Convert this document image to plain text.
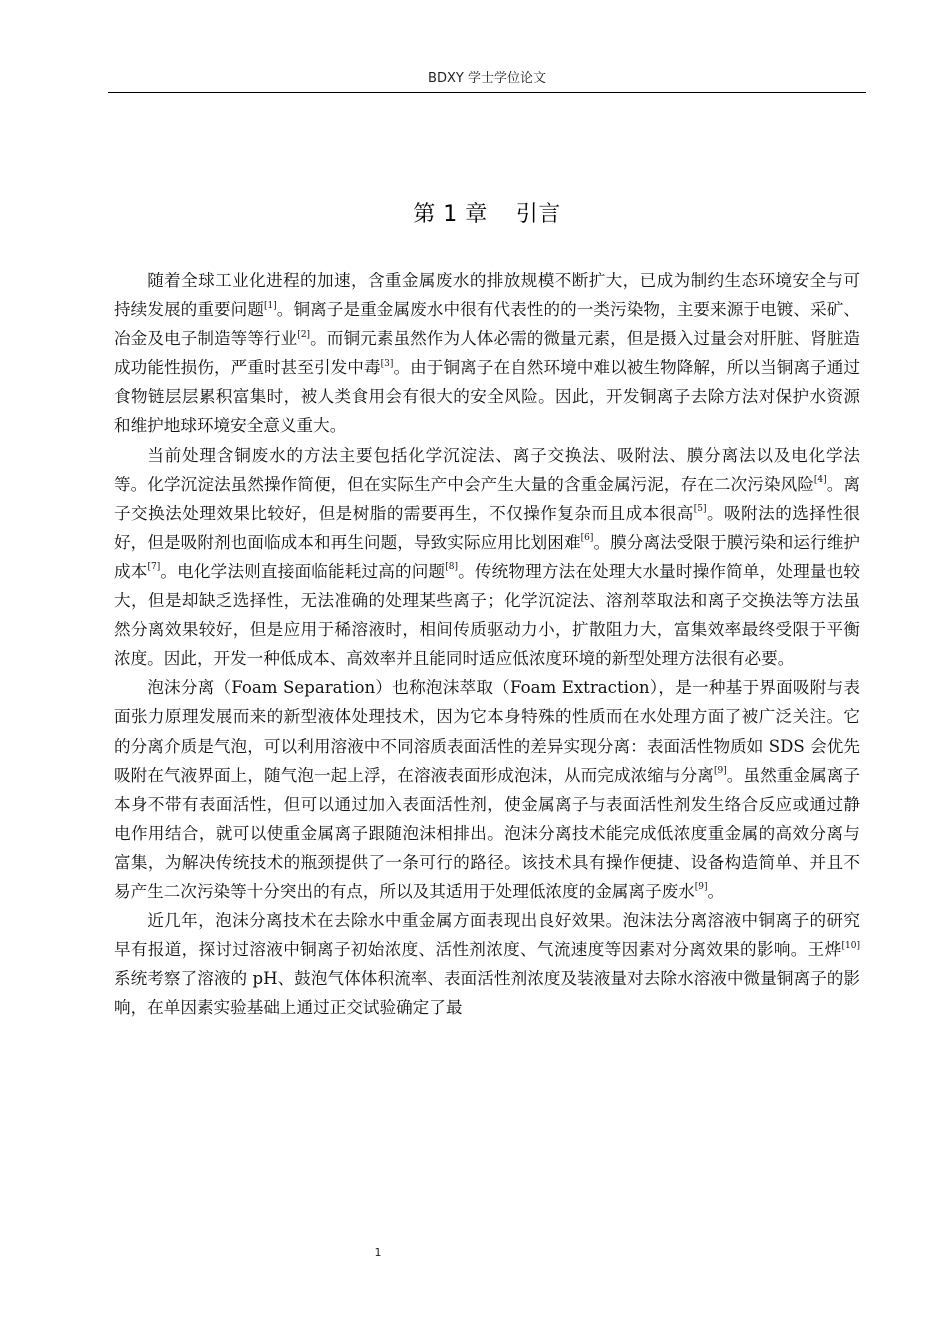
BDXY 学士学位论文
第 1 章 引言

随着全球工业化进程的加速，含重金属废水的排放规模不断扩大，已成为制约生态环境安全与可持续发展的重要问题[1]。铜离子是重金属废水中很有代表性的的一类污染物，主要来源于电镀、采矿、冶金及电子制造等等行业[2]。而铜元素虽然作为人体必需的微量元素，但是摄入过量会对肝脏、肾脏造成功能性损伤，严重时甚至引发中毒[3]。由于铜离子在自然环境中难以被生物降解，所以当铜离子通过食物链层层累积富集时，被人类食用会有很大的安全风险。因此，开发铜离子去除方法对保护水资源和维护地球环境安全意义重大。

当前处理含铜废水的方法主要包括化学沉淀法、离子交换法、吸附法、膜分离法以及电化学法等。化学沉淀法虽然操作简便，但在实际生产中会产生大量的含重金属污泥，存在二次污染风险[4]。离子交换法处理效果比较好，但是树脂的需要再生，不仅操作复杂而且成本很高[5]。吸附法的选择性很好，但是吸附剂也面临成本和再生问题，导致实际应用比划困难[6]。膜分离法受限于膜污染和运行维护成本[7]。电化学法则直接面临能耗过高的问题[8]。传统物理方法在处理大水量时操作简单，处理量也较大，但是却缺乏选择性，无法准确的处理某些离子；化学沉淀法、溶剂萃取法和离子交换法等方法虽然分离效果较好，但是应用于稀溶液时，相间传质驱动力小，扩散阻力大，富集效率最终受限于平衡浓度。因此，开发一种低成本、高效率并且能同时适应低浓度环境的新型处理方法很有必要。

泡沫分离（Foam Separation）也称泡沫萃取（Foam Extraction），是一种基于界面吸附与表面张力原理发展而来的新型液体处理技术，因为它本身特殊的性质而在水处理方面了被广泛关注。它的分离介质是气泡，可以利用溶液中不同溶质表面活性的差异实现分离：表面活性物质如 SDS 会优先吸附在气液界面上，随气泡一起上浮，在溶液表面形成泡沫，从而完成浓缩与分离[9]。虽然重金属离子本身不带有表面活性，但可以通过加入表面活性剂，使金属离子与表面活性剂发生络合反应或通过静电作用结合，就可以使重金属离子跟随泡沫相排出。泡沫分离技术能完成低浓度重金属的高效分离与富集，为解决传统技术的瓶颈提供了一条可行的路径。该技术具有操作便捷、设备构造简单、并且不易产生二次污染等十分突出的有点，所以及其适用于处理低浓度的金属离子废水[9]。

近几年，泡沫分离技术在去除水中重金属方面表现出良好效果。泡沫法分离溶液中铜离子的研究早有报道，探讨过溶液中铜离子初始浓度、活性剂浓度、气流速度等因素对分离效果的影响。王烨[10]系统考察了溶液的 pH、鼓泡气体体积流率、表面活性剂浓度及装液量对去除水溶液中微量铜离子的影响，在单因素实验基础上通过正交试验确定了最

1
